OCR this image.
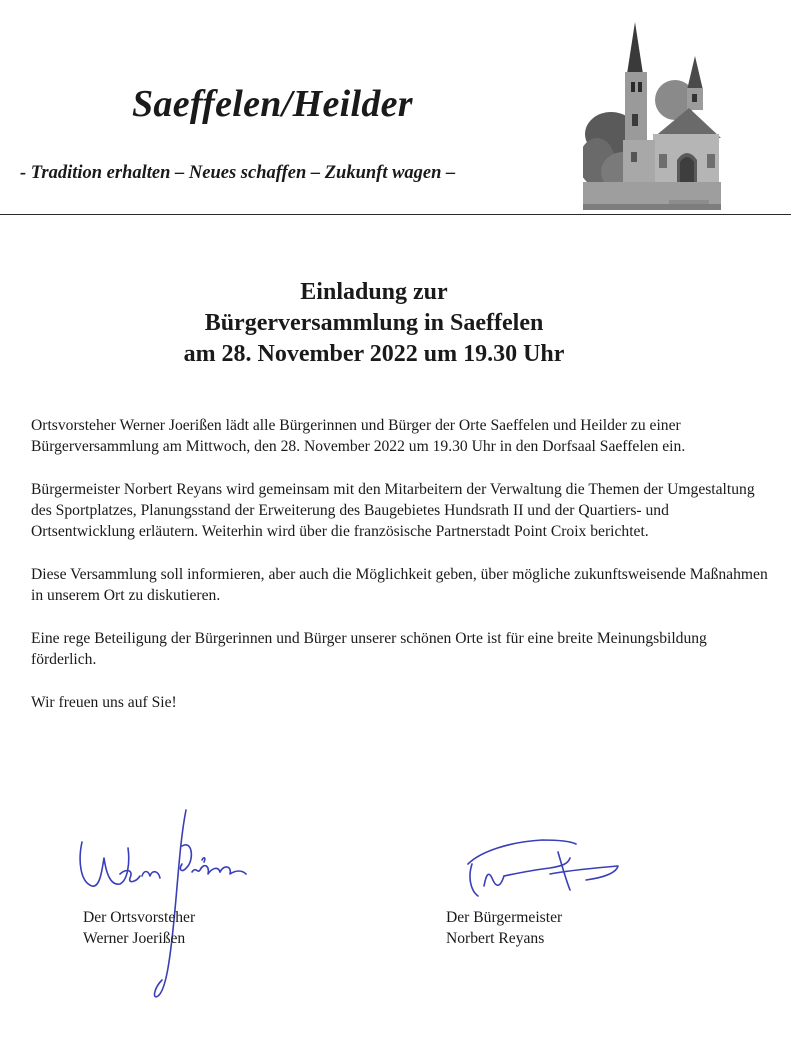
Saeffelen/Heilder
- Tradition erhalten – Neues schaffen – Zukunft wagen –
Einladung zur
Bürgerversammlung in Saeffelen
am 28. November 2022 um 19.30 Uhr

Ortsvorsteher Werner Joerißen lädt alle Bürgerinnen und Bürger der Orte Saeffelen und Heilder zu einer Bürgerversammlung am Mittwoch, den 28. November 2022 um 19.30 Uhr in den Dorfsaal Saeffelen ein.

Bürgermeister Norbert Reyans wird gemeinsam mit den Mitarbeitern der Verwaltung die Themen der Umgestaltung des Sportplatzes, Planungsstand der Erweiterung des Baugebietes Hundsrath II und der Quartiers- und Ortsentwicklung erläutern. Weiterhin wird über die französische Partnerstadt Point Croix berichtet.

Diese Versammlung soll informieren, aber auch die Möglichkeit geben, über mögliche zukunftsweisende Maßnahmen in unserem Ort zu diskutieren.

Eine rege Beteiligung der Bürgerinnen und Bürger unserer schönen Orte ist für eine breite Meinungsbildung förderlich.

Wir freuen uns auf Sie!

Der Ortsvorsteher
Werner Joerißen
Der Bürgermeister
Norbert Reyans
